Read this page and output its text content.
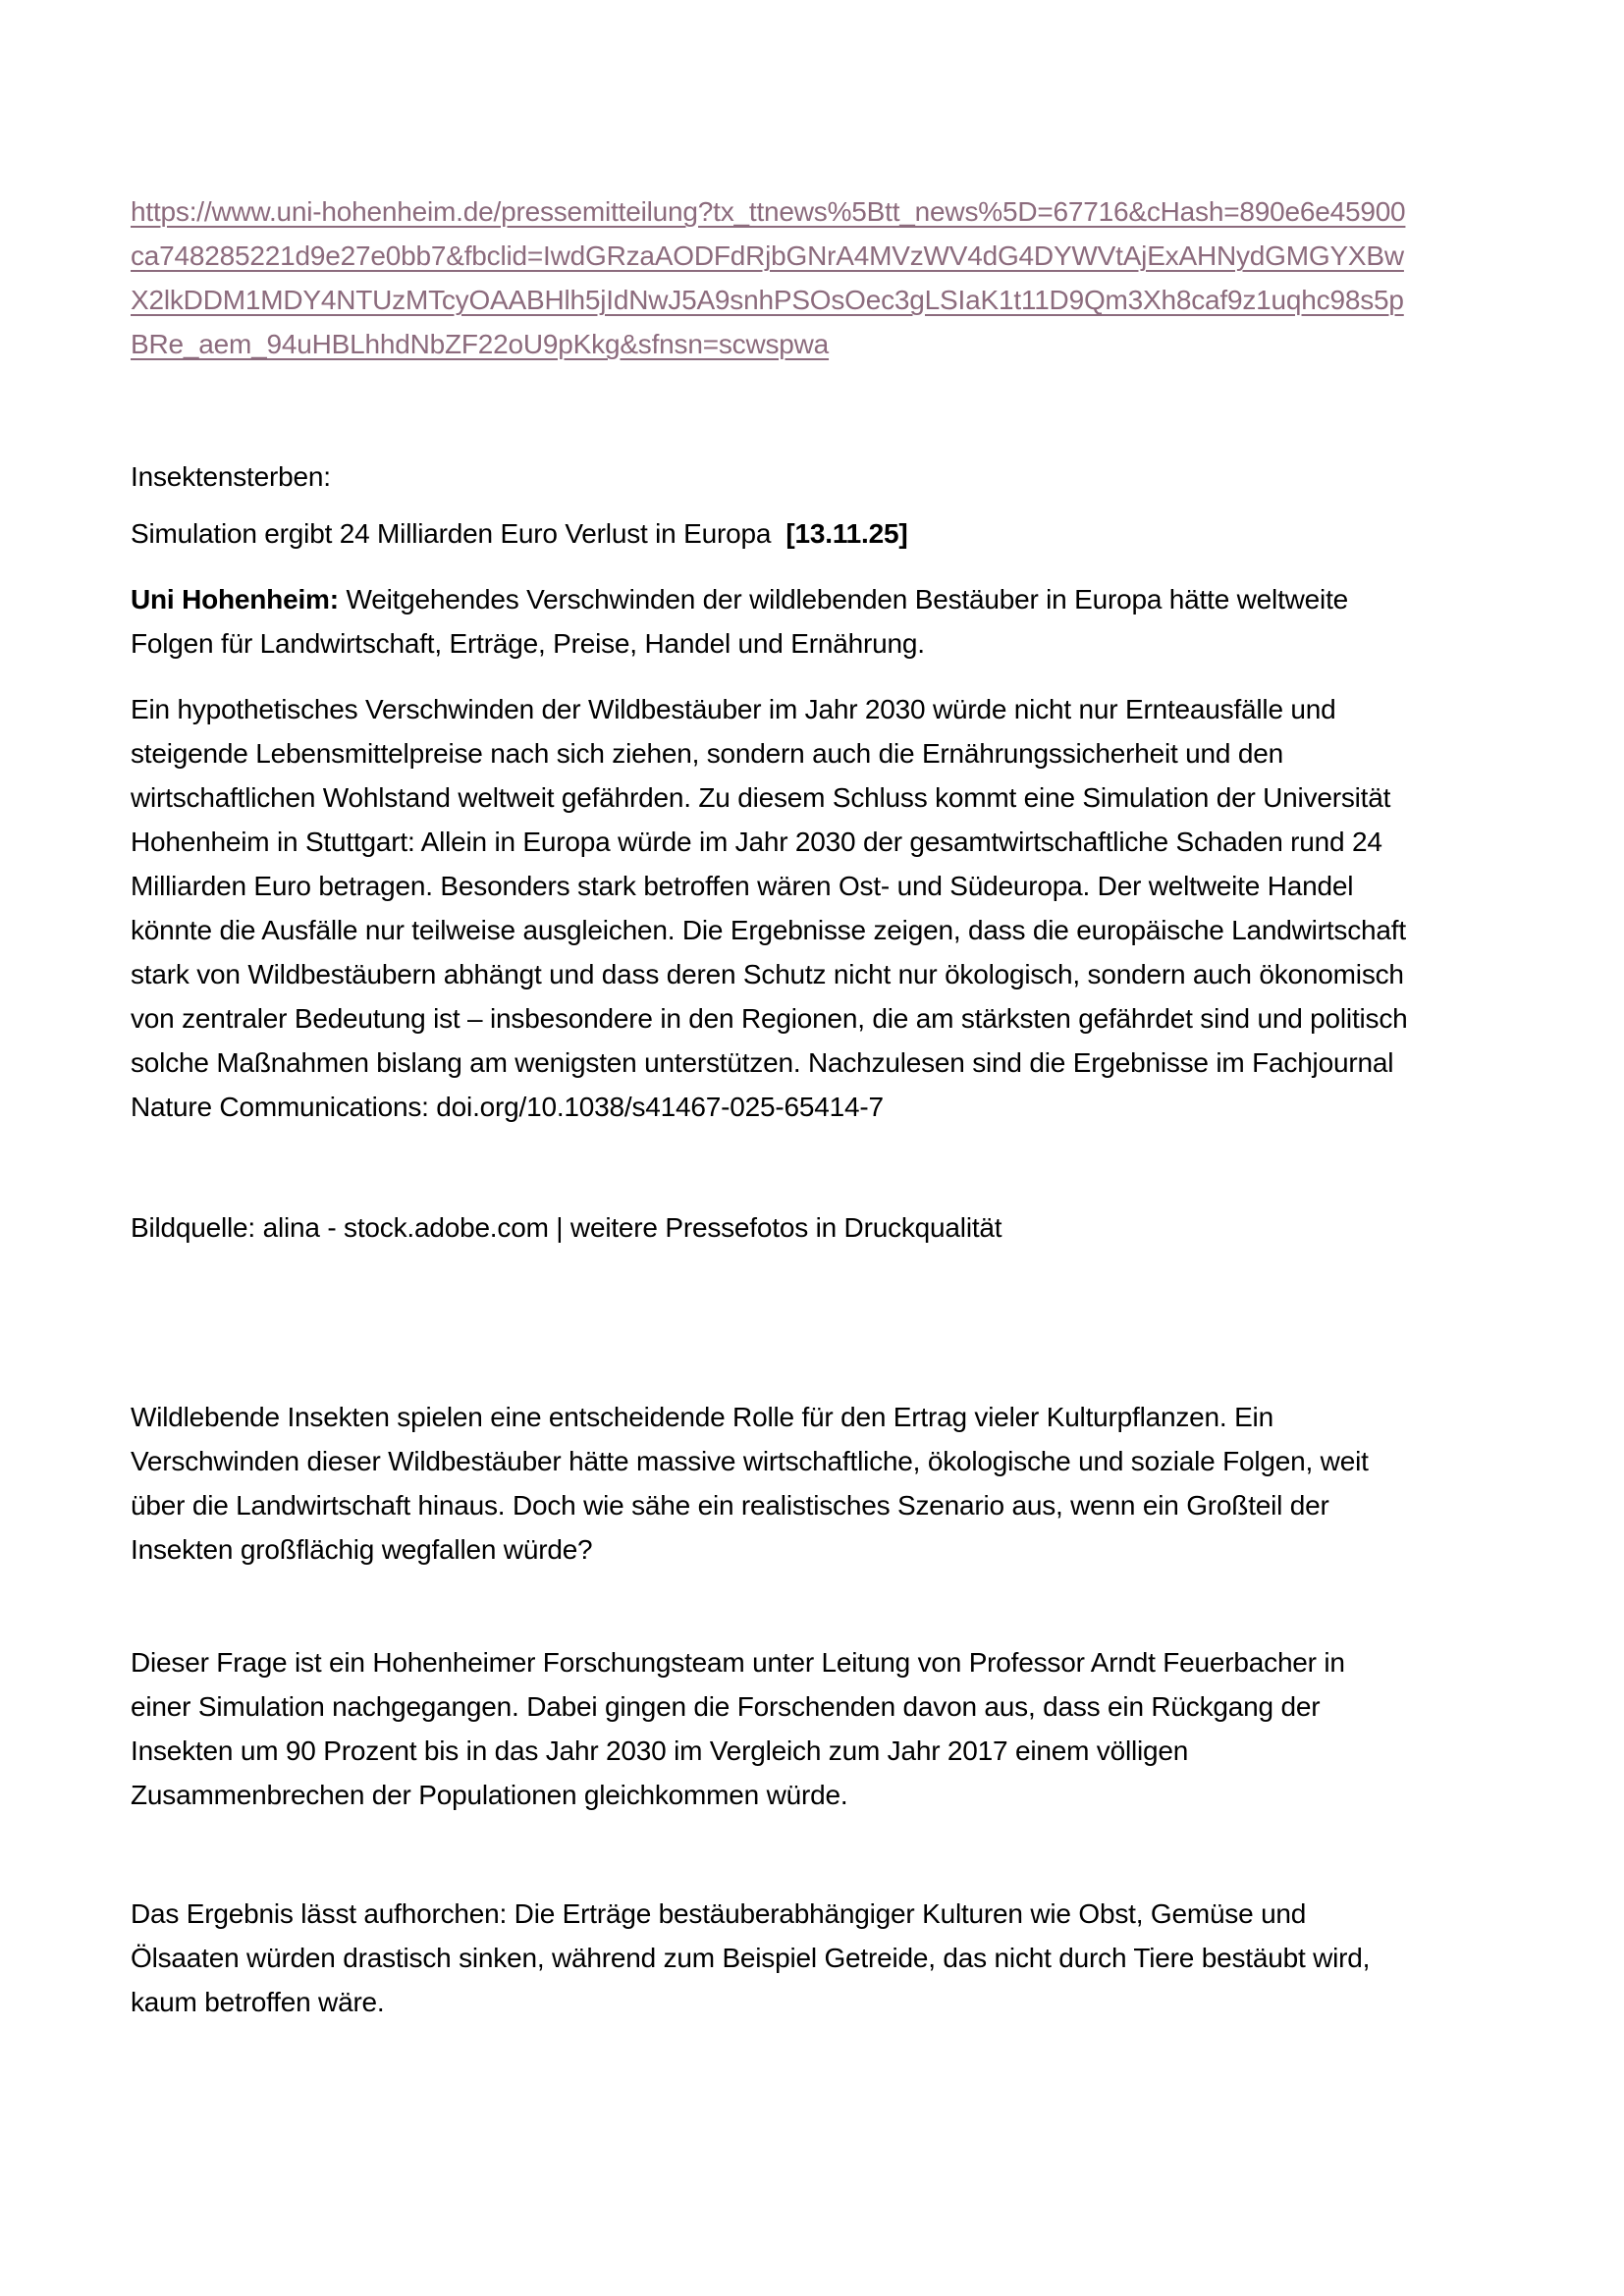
https://www.uni-hohenheim.de/pressemitteilung?tx_ttnews%5Btt_news%5D=67716&cHash=890e6e45900ca748285221d9e27e0bb7&fbclid=IwdGRzaAODFdRjbGNrA4MVzWV4dG4DYWVtAjExAHNydGMGYXBwX2lkDDM1MDY4NTUzMTcyOAABHlh5jIdNwJ5A9snhPSOsOec3gLSIaK1t11D9Qm3Xh8caf9z1uqhc98s5pBRe_aem_94uHBLhhdNbZF22oU9pKkg&sfnsn=scwspwa

Insektensterben:

Simulation ergibt 24 Milliarden Euro Verlust in Europa [13.11.25]

Uni Hohenheim: Weitgehendes Verschwinden der wildlebenden Bestäuber in Europa hätte weltweite Folgen für Landwirtschaft, Erträge, Preise, Handel und Ernährung.

Ein hypothetisches Verschwinden der Wildbestäuber im Jahr 2030 würde nicht nur Ernteausfälle und steigende Lebensmittelpreise nach sich ziehen, sondern auch die Ernährungssicherheit und den wirtschaftlichen Wohlstand weltweit gefährden. Zu diesem Schluss kommt eine Simulation der Universität Hohenheim in Stuttgart: Allein in Europa würde im Jahr 2030 der gesamtwirtschaftliche Schaden rund 24 Milliarden Euro betragen. Besonders stark betroffen wären Ost- und Südeuropa. Der weltweite Handel könnte die Ausfälle nur teilweise ausgleichen. Die Ergebnisse zeigen, dass die europäische Landwirtschaft stark von Wildbestäubern abhängt und dass deren Schutz nicht nur ökologisch, sondern auch ökonomisch von zentraler Bedeutung ist – insbesondere in den Regionen, die am stärksten gefährdet sind und politisch solche Maßnahmen bislang am wenigsten unterstützen. Nachzulesen sind die Ergebnisse im Fachjournal Nature Communications: doi.org/10.1038/s41467-025-65414-7

Bildquelle: alina - stock.adobe.com | weitere Pressefotos in Druckqualität

Wildlebende Insekten spielen eine entscheidende Rolle für den Ertrag vieler Kulturpflanzen. Ein Verschwinden dieser Wildbestäuber hätte massive wirtschaftliche, ökologische und soziale Folgen, weit über die Landwirtschaft hinaus. Doch wie sähe ein realistisches Szenario aus, wenn ein Großteil der Insekten großflächig wegfallen würde?

Dieser Frage ist ein Hohenheimer Forschungsteam unter Leitung von Professor Arndt Feuerbacher in einer Simulation nachgegangen. Dabei gingen die Forschenden davon aus, dass ein Rückgang der Insekten um 90 Prozent bis in das Jahr 2030 im Vergleich zum Jahr 2017 einem völligen Zusammenbrechen der Populationen gleichkommen würde.

Das Ergebnis lässt aufhorchen: Die Erträge bestäuberabhängiger Kulturen wie Obst, Gemüse und Ölsaaten würden drastisch sinken, während zum Beispiel Getreide, das nicht durch Tiere bestäubt wird, kaum betroffen wäre.
